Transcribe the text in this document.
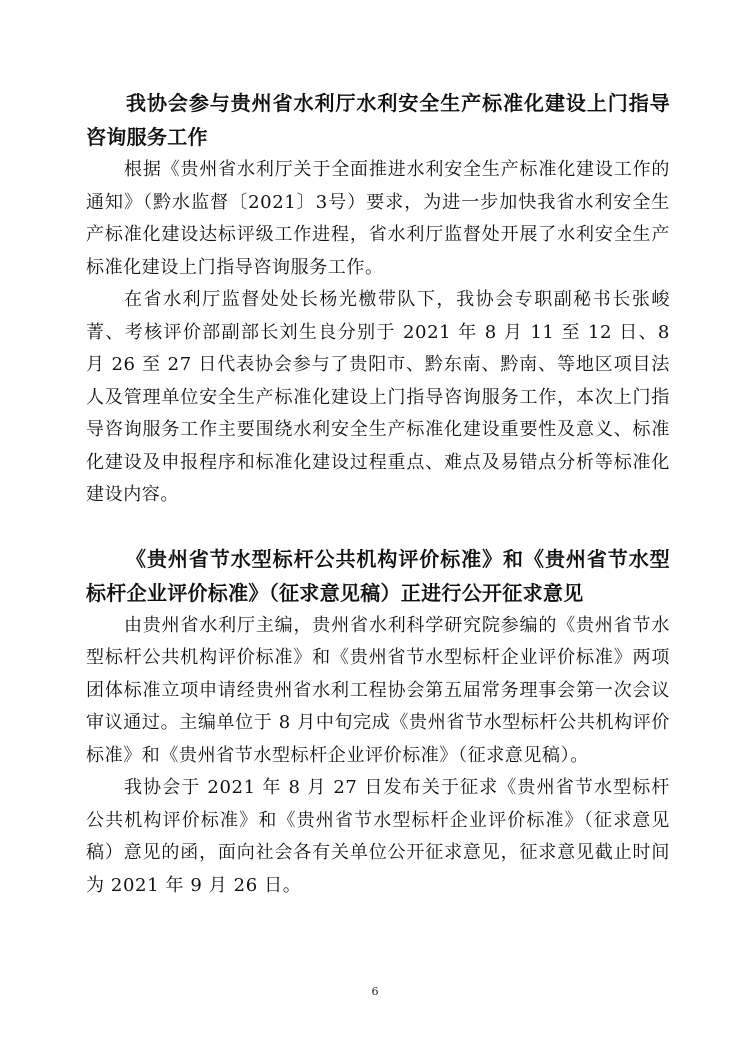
我协会参与贵州省水利厅水利安全生产标准化建设上门指导咨询服务工作

根据《贵州省水利厅关于全面推进水利安全生产标准化建设工作的通知》（黔水监督〔2021〕3号）要求，为进一步加快我省水利安全生产标准化建设达标评级工作进程，省水利厅监督处开展了水利安全生产标准化建设上门指导咨询服务工作。

在省水利厅监督处处长杨光檄带队下，我协会专职副秘书长张峻菁、考核评价部副部长刘生良分别于 2021 年 8 月 11 至 12 日、8 月 26 至 27 日代表协会参与了贵阳市、黔东南、黔南、等地区项目法人及管理单位安全生产标准化建设上门指导咨询服务工作，本次上门指导咨询服务工作主要围绕水利安全生产标准化建设重要性及意义、标准化建设及申报程序和标准化建设过程重点、难点及易错点分析等标准化建设内容。

《贵州省节水型标杆公共机构评价标准》和《贵州省节水型标杆企业评价标准》（征求意见稿）正进行公开征求意见

由贵州省水利厅主编，贵州省水利科学研究院参编的《贵州省节水型标杆公共机构评价标准》和《贵州省节水型标杆企业评价标准》两项团体标准立项申请经贵州省水利工程协会第五届常务理事会第一次会议审议通过。主编单位于 8 月中旬完成《贵州省节水型标杆公共机构评价标准》和《贵州省节水型标杆企业评价标准》（征求意见稿）。

我协会于 2021 年 8 月 27 日发布关于征求《贵州省节水型标杆公共机构评价标准》和《贵州省节水型标杆企业评价标准》（征求意见稿）意见的函，面向社会各有关单位公开征求意见，征求意见截止时间为 2021 年 9 月 26 日。

6
